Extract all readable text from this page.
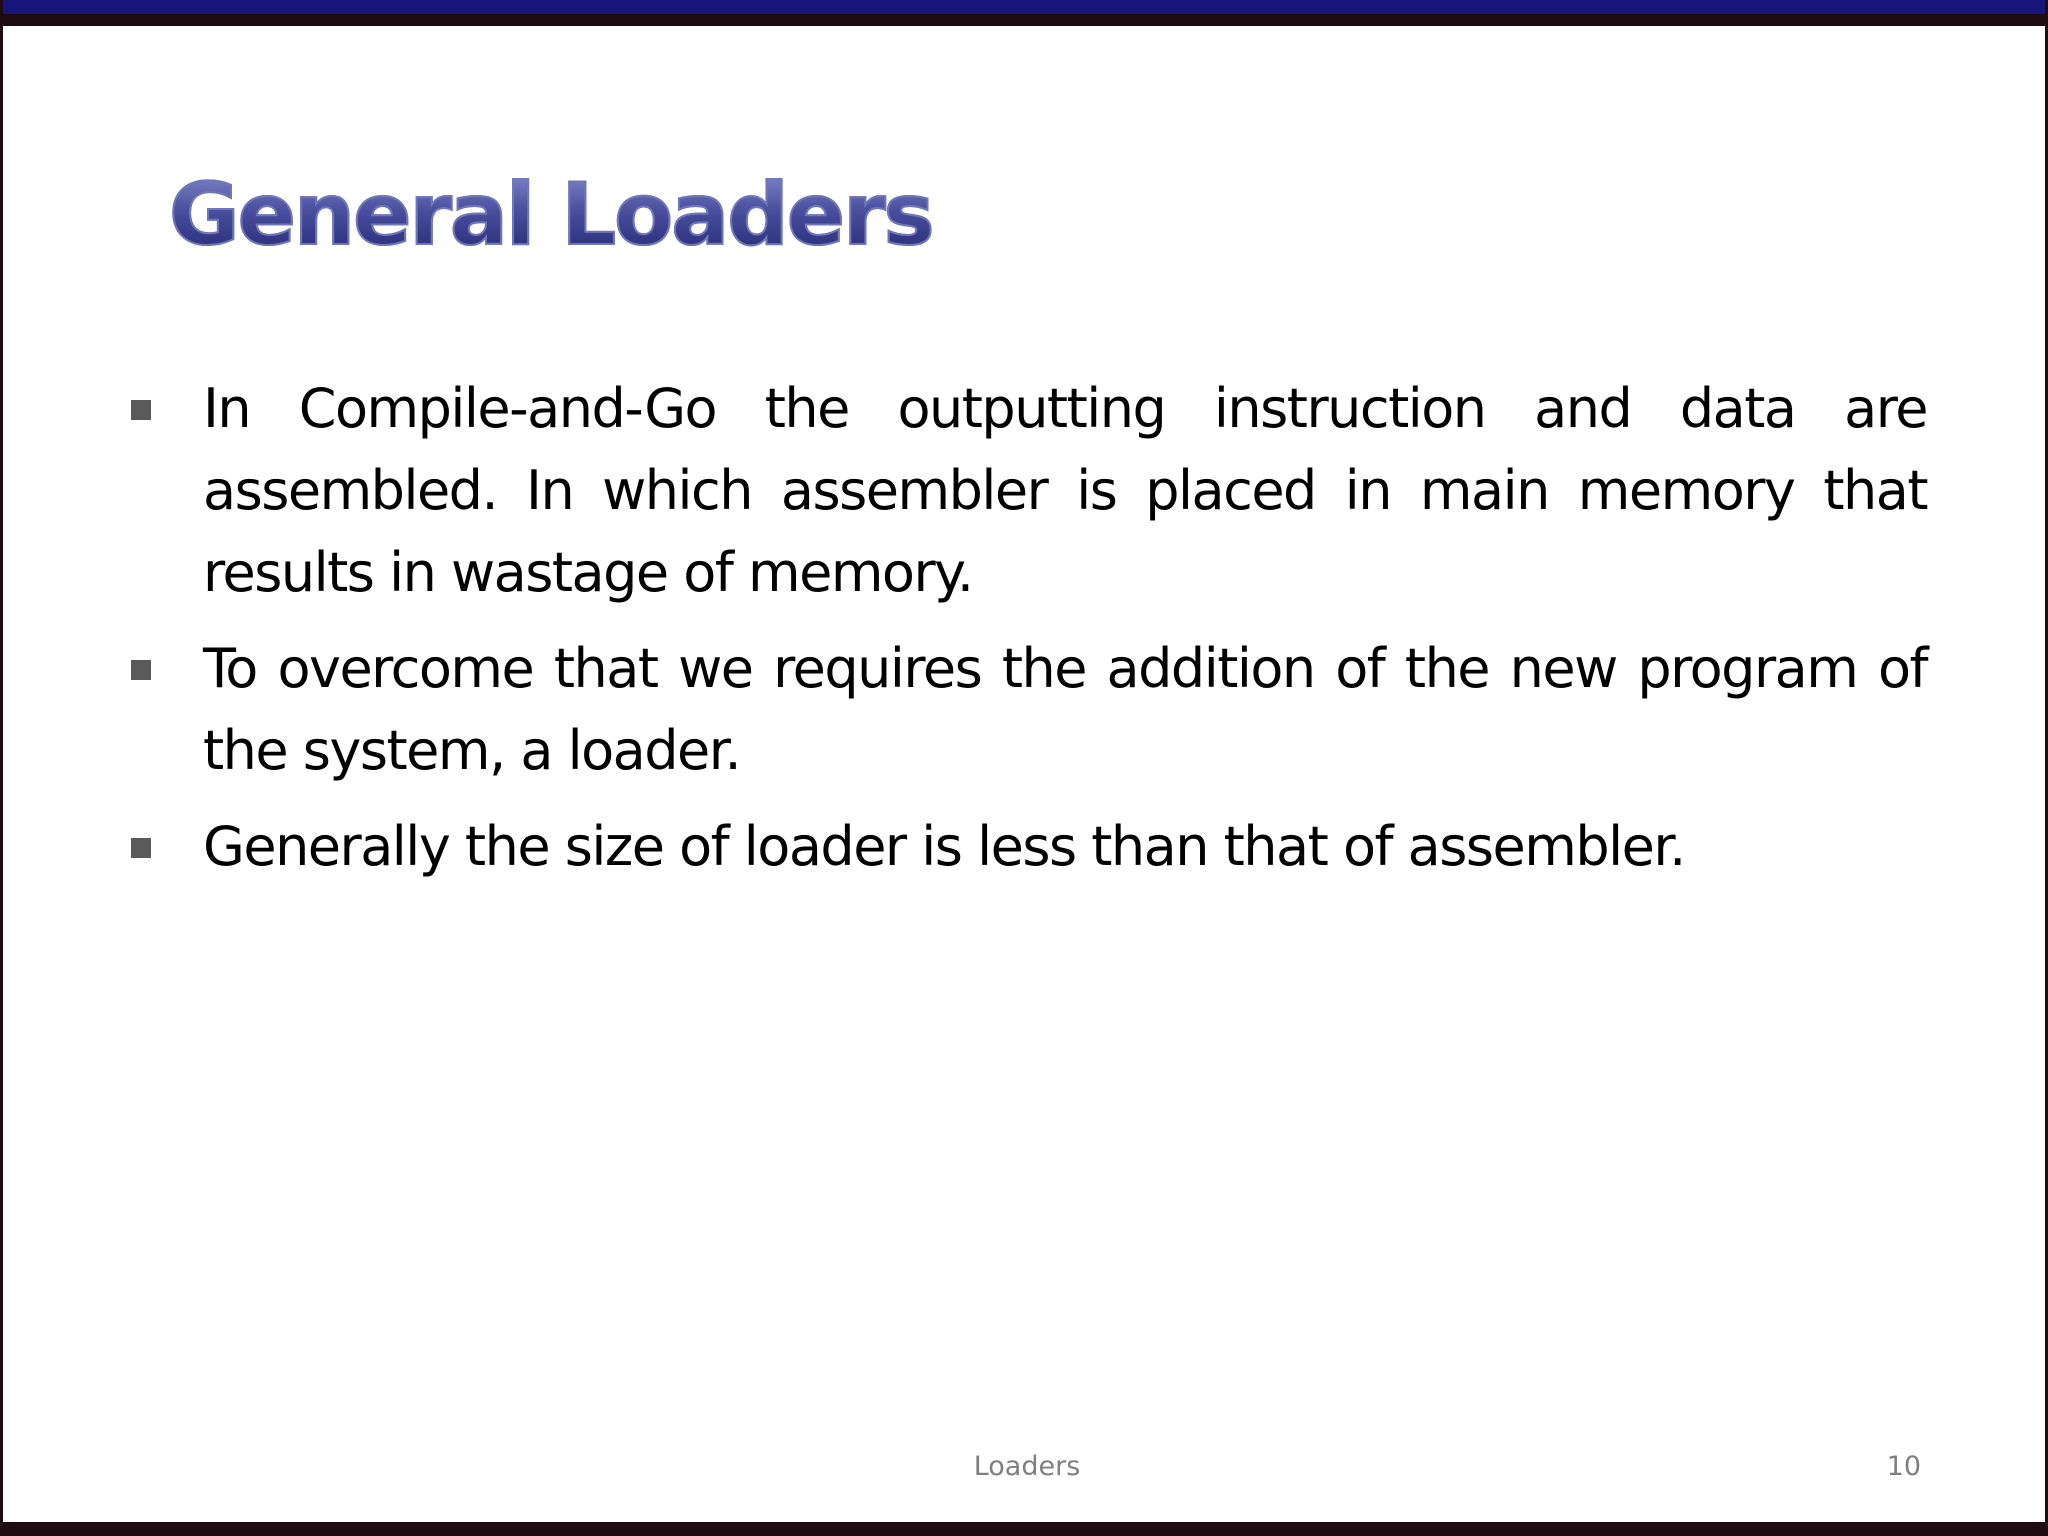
General Loaders
In Compile-and-Go the outputting instruction and data are assembled. In which assembler is placed in main memory that results in wastage of memory.
To overcome that we requires the addition of the new program of the system, a loader.
Generally the size of loader is less than that of assembler.
Loaders	10
